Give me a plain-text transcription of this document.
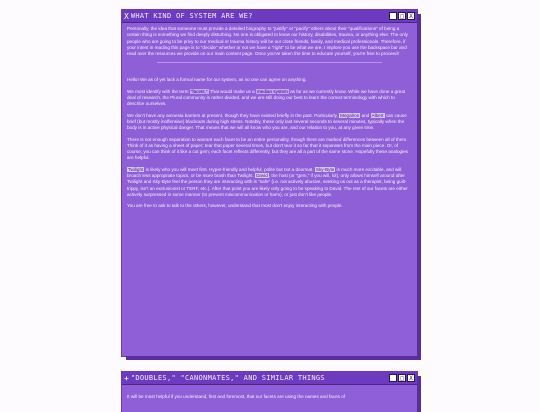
X WHAT KIND OF SYSTEM ARE WE?	_ □ X

Personally, the idea that someone must provide a detailed biography to "justify" or "pacify" others about their "qualifications" of being a certain thing is something we find deeply disturbing. No one is obligated to know our history, disabilities, trauma, or anything else. The only people who are going to be privy to our medical or trauma history will be our close friends, family, and medical professionals. Therefore, if your intent in reading this page is to "decide" whether or not we have a "right" to be what we are, I implore you use the backspace bar and read over the resources we provide on our main content page. Once you've taken the time to educate yourself, you're free to proceed!

Hello! We as of yet lack a formal name for our system, as no one can agree on anything.

We most identify with the term "facets." That would make us a median system as far as we currently know. While we have done a great deal of research, the Plural community is rather divided, and we are still doing our best to learn the correct terminology with which to describe ourselves.

We don't have any amnesia barriers at present, though they have existed briefly in the past. Particularly, Megalron and Albert can cause brief (but mostly inoffensive) blackouts during high stress. Notably, these only last several seconds to several minutes, typically when the body is in active physical danger. That means that we will all know who you are, and our relation to you, at any given time.

There is not enough separation to warrant each facet to be an entire personality, though there are marked differences between all of them. Think of it as having a sheet of paper; tear that paper several times, but don't tear it so far that it separates from the main piece. Or, of course, you can think of it like a cut gem; each facet reflects differently, but they are all a part of the same stone. Hopefully these analogies are helpful.

Twilight is likely who you will meet first. Hyper-friendly and helpful, polite but not a doormat. Sky-Byte is much more excitable, and will broach less appropriate topics, or be more brash than Twilight. David, the host (or "gem," if you will, lol), only allows himself around after Twilight and Sky-Byte feel the person they are interacting with is "safe" (i.e. not actively abusive, seeking us out as a therapist, being guilt-trippy, isn't an exclusionist or TERF, etc.). After that point you are likely only going to be speaking to David. The rest of our facets are either actively surpressed in some manner (to prevent miscommunication or harm), or just don't like people.

You are free to ask to talk to the others, however, understand that most don't enjoy interacting with people.

+ "DOUBLES," "CANONMATES," AND SIMILAR THINGS	_ □ X

It will be most helpful if you understand, first and foremost, that our facets are using the names and faces of
